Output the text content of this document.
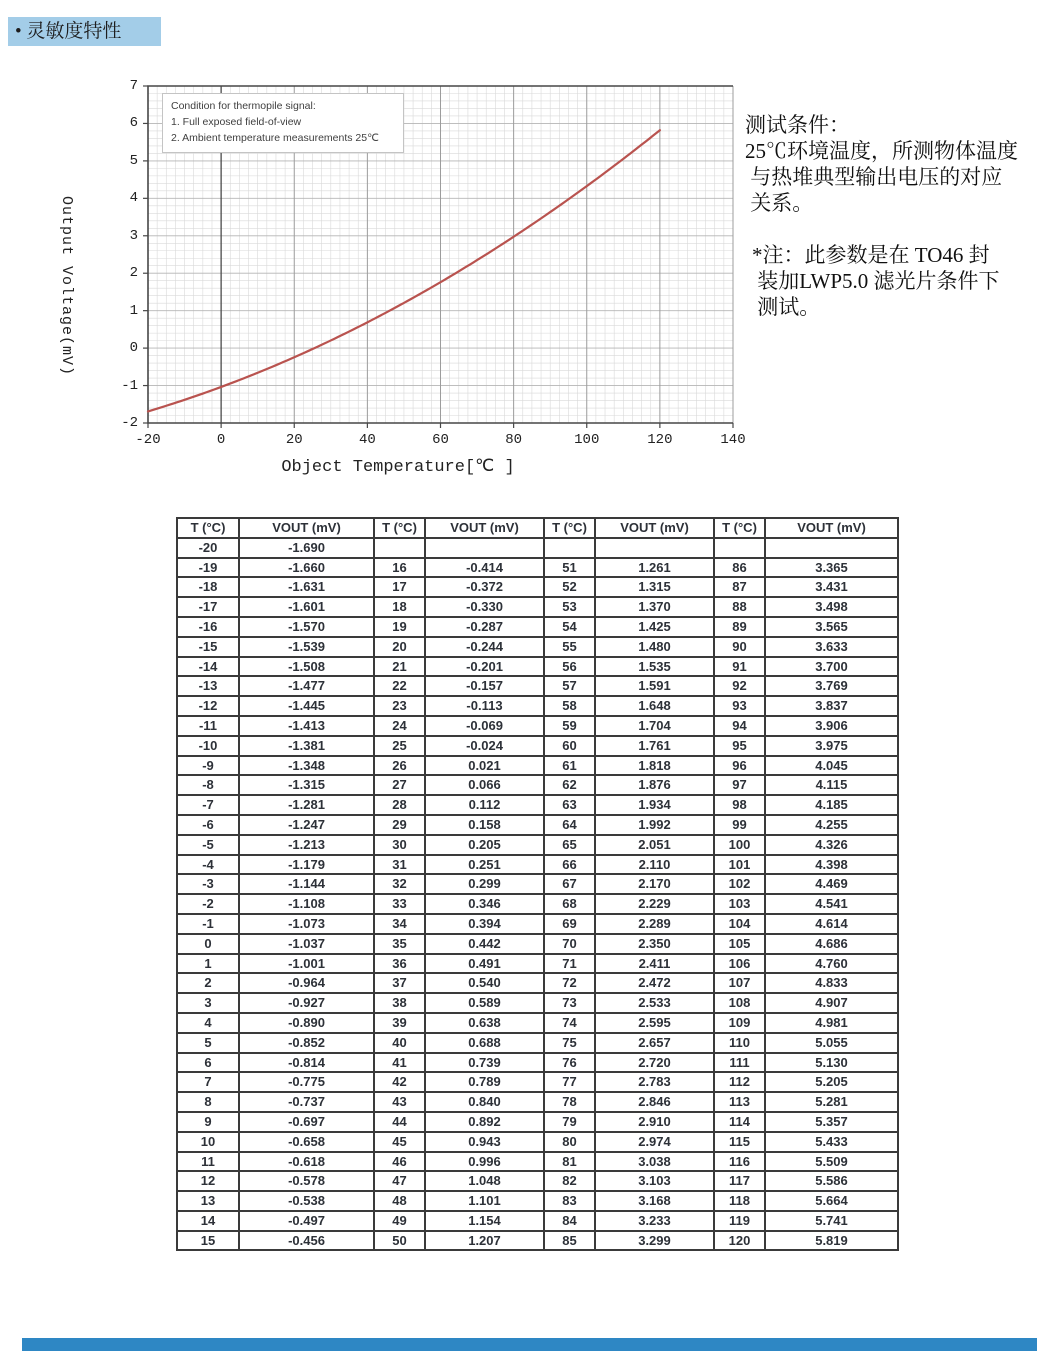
• 灵敏度特性
Output Voltage(mV)
Condition for thermopile signal:
1. Full exposed field-of-view
2. Ambient temperature measurements 25℃
7
6
5
4
3
2
1
0
-1
-2
-20	0	20	40	60	80	100	120	140
Object Temperature[℃ ]
测试条件：
25℃环境温度，所测物体温度
与热堆典型输出电压的对应
关系。
*注：此参数是在 TO46 封
装加LWP5.0 滤光片条件下
测试。
T (°C)	VOUT (mV)	T (°C)	VOUT (mV)	T (°C)	VOUT (mV)	T (°C)	VOUT (mV)
-20	-1.690						
-19	-1.660	16	-0.414	51	1.261	86	3.365
-18	-1.631	17	-0.372	52	1.315	87	3.431
-17	-1.601	18	-0.330	53	1.370	88	3.498
-16	-1.570	19	-0.287	54	1.425	89	3.565
-15	-1.539	20	-0.244	55	1.480	90	3.633
-14	-1.508	21	-0.201	56	1.535	91	3.700
-13	-1.477	22	-0.157	57	1.591	92	3.769
-12	-1.445	23	-0.113	58	1.648	93	3.837
-11	-1.413	24	-0.069	59	1.704	94	3.906
-10	-1.381	25	-0.024	60	1.761	95	3.975
-9	-1.348	26	0.021	61	1.818	96	4.045
-8	-1.315	27	0.066	62	1.876	97	4.115
-7	-1.281	28	0.112	63	1.934	98	4.185
-6	-1.247	29	0.158	64	1.992	99	4.255
-5	-1.213	30	0.205	65	2.051	100	4.326
-4	-1.179	31	0.251	66	2.110	101	4.398
-3	-1.144	32	0.299	67	2.170	102	4.469
-2	-1.108	33	0.346	68	2.229	103	4.541
-1	-1.073	34	0.394	69	2.289	104	4.614
0	-1.037	35	0.442	70	2.350	105	4.686
1	-1.001	36	0.491	71	2.411	106	4.760
2	-0.964	37	0.540	72	2.472	107	4.833
3	-0.927	38	0.589	73	2.533	108	4.907
4	-0.890	39	0.638	74	2.595	109	4.981
5	-0.852	40	0.688	75	2.657	110	5.055
6	-0.814	41	0.739	76	2.720	111	5.130
7	-0.775	42	0.789	77	2.783	112	5.205
8	-0.737	43	0.840	78	2.846	113	5.281
9	-0.697	44	0.892	79	2.910	114	5.357
10	-0.658	45	0.943	80	2.974	115	5.433
11	-0.618	46	0.996	81	3.038	116	5.509
12	-0.578	47	1.048	82	3.103	117	5.586
13	-0.538	48	1.101	83	3.168	118	5.664
14	-0.497	49	1.154	84	3.233	119	5.741
15	-0.456	50	1.207	85	3.299	120	5.819
